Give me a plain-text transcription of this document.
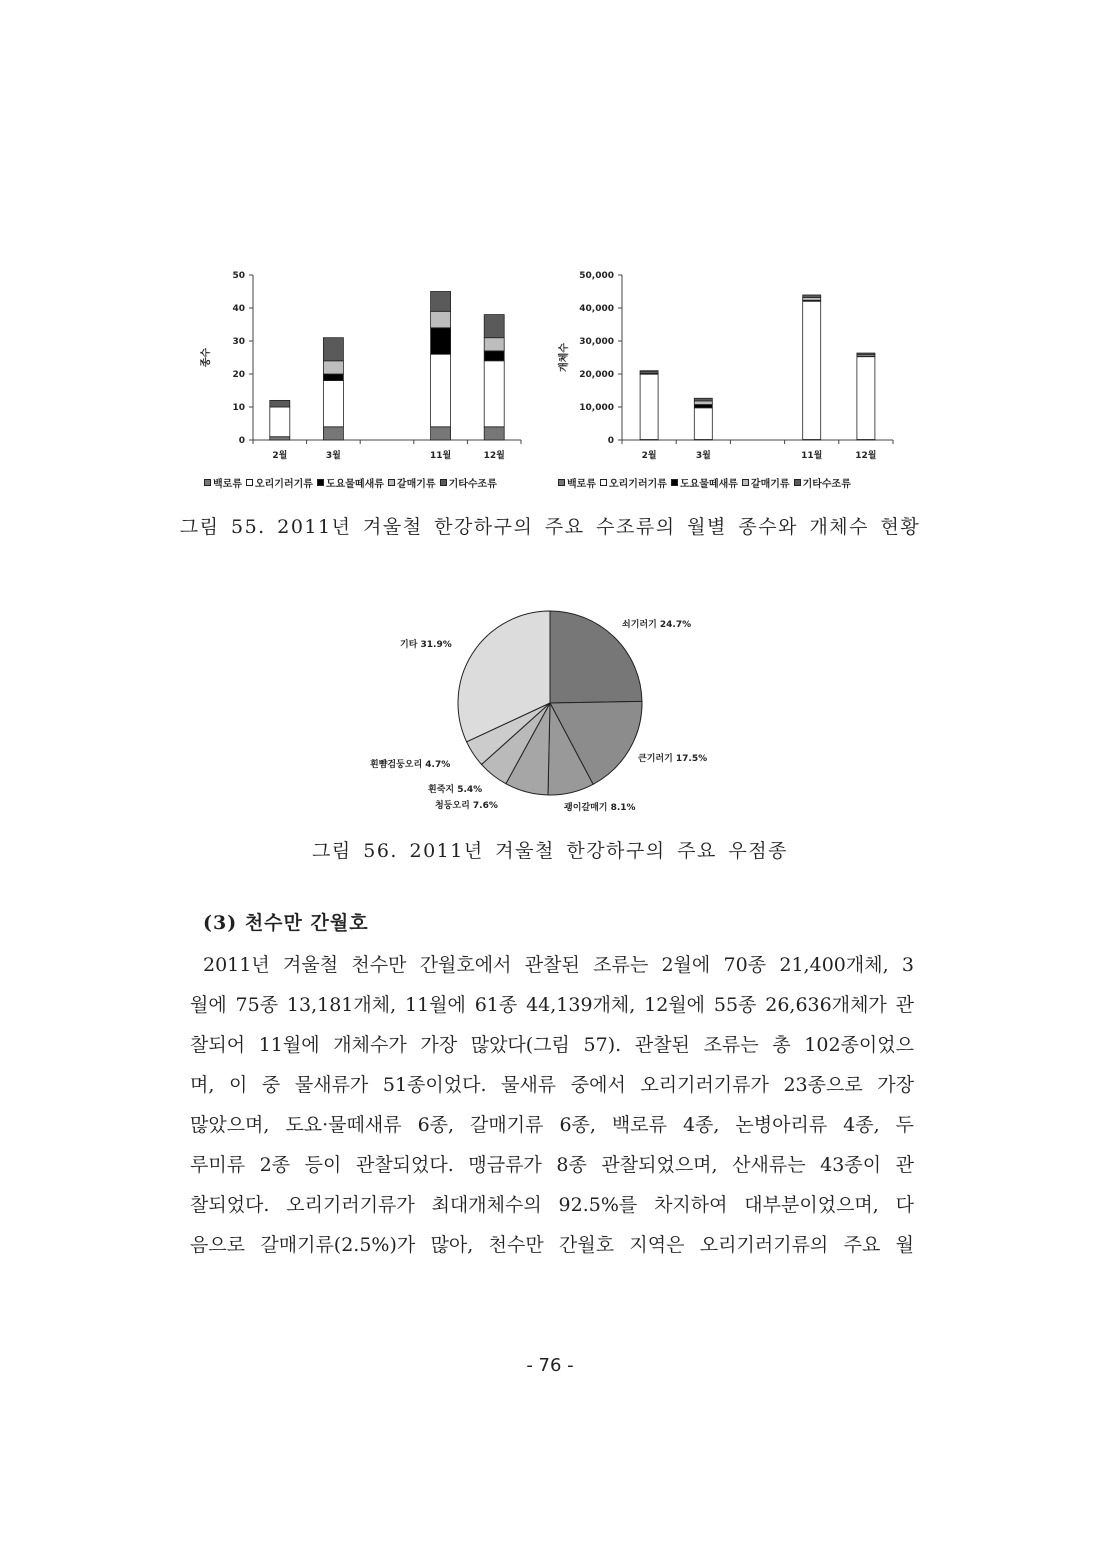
0
10
20
30
40
50
2월	3월	11월	12월
종수
0
10,000
20,000
30,000
40,000
50,000
2월	3월	11월	12월
개체수
백로류 오리기러기류 도요물떼새류 갈매기류 기타수조류	백로류 오리기러기류 도요물떼새류 갈매기류 기타수조류
그림 55. 2011년 겨울철 한강하구의 주요 수조류의 월별 종수와 개체수 현황
쇠기러기 24.7%
큰기러기 17.5%
괭이갈매기 8.1%
청둥오리 7.6%
흰죽지 5.4%
흰뺨검둥오리 4.7%
기타 31.9%
그림 56. 2011년 겨울철 한강하구의 주요 우점종
(3) 천수만 간월호
2011년 겨울철 천수만 간월호에서 관찰된 조류는 2월에 70종 21,400개체, 3
월에 75종 13,181개체, 11월에 61종 44,139개체, 12월에 55종 26,636개체가 관
찰되어 11월에 개체수가 가장 많았다(그림 57). 관찰된 조류는 총 102종이었으
며, 이 중 물새류가 51종이었다. 물새류 중에서 오리기러기류가 23종으로 가장
많았으며, 도요·물떼새류 6종, 갈매기류 6종, 백로류 4종, 논병아리류 4종, 두
루미류 2종 등이 관찰되었다. 맹금류가 8종 관찰되었으며, 산새류는 43종이 관
찰되었다. 오리기러기류가 최대개체수의 92.5%를 차지하여 대부분이었으며, 다
음으로 갈매기류(2.5%)가 많아, 천수만 간월호 지역은 오리기러기류의 주요 월
- 76 -
